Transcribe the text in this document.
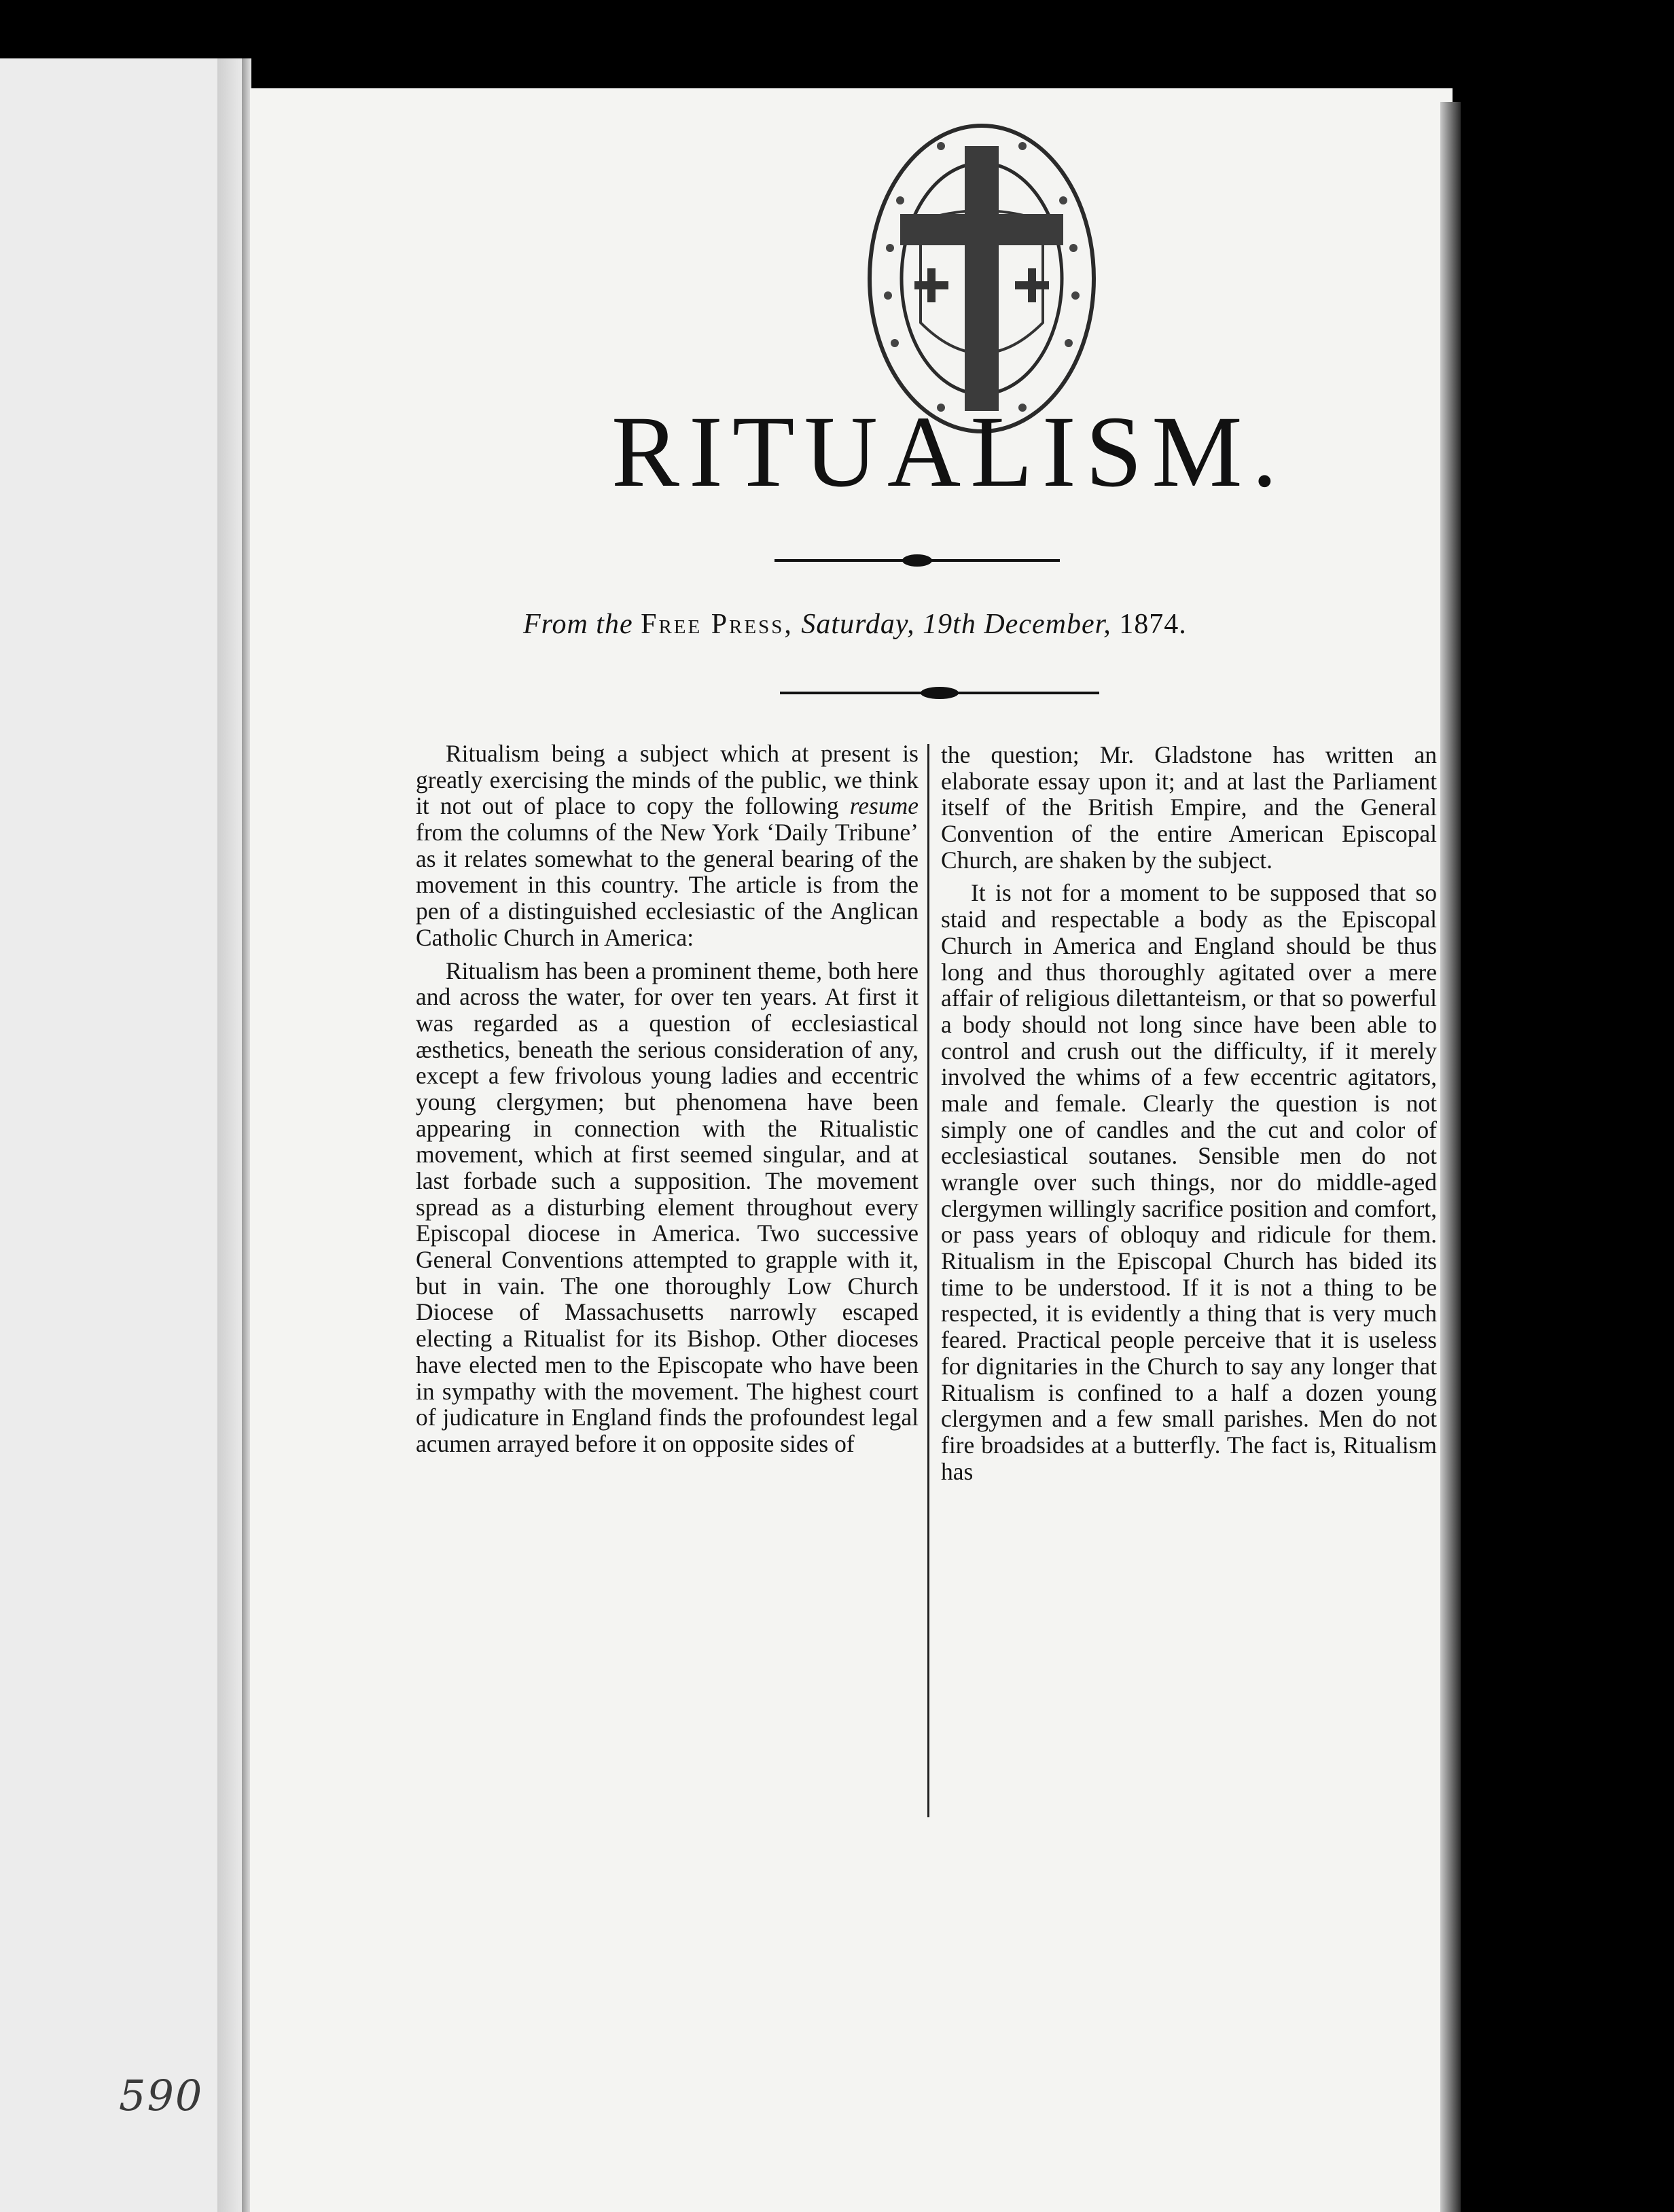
590
RITUALISM.
From the Free Press, Saturday, 19th December, 1874.

Ritualism being a subject which at present is greatly exercising the minds of the public, we think it not out of place to copy the following resume from the columns of the New York ‘Daily Tribune’ as it relates somewhat to the general bearing of the movement in this country. The article is from the pen of a distinguished ecclesiastic of the Anglican Catholic Church in America:

Ritualism has been a prominent theme, both here and across the water, for over ten years. At first it was regarded as a question of ecclesiastical æsthetics, beneath the serious consideration of any, except a few frivolous young ladies and eccentric young clergymen; but phenomena have been appearing in connection with the Ritualistic movement, which at first seemed singular, and at last forbade such a supposition. The movement spread as a disturbing element throughout every Episcopal diocese in America. Two successive General Conventions attempted to grapple with it, but in vain. The one thoroughly Low Church Diocese of Massachusetts narrowly escaped electing a Ritualist for its Bishop. Other dioceses have elected men to the Episcopate who have been in sympathy with the movement. The highest court of judicature in England finds the profoundest legal acumen arrayed before it on opposite sides of

the question; Mr. Gladstone has written an elaborate essay upon it; and at last the Parliament itself of the British Empire, and the General Convention of the entire American Episcopal Church, are shaken by the subject.

It is not for a moment to be supposed that so staid and respectable a body as the Episcopal Church in America and England should be thus long and thus thoroughly agitated over a mere affair of religious dilettanteism, or that so powerful a body should not long since have been able to control and crush out the difficulty, if it merely involved the whims of a few eccentric agitators, male and female. Clearly the question is not simply one of candles and the cut and color of ecclesiastical soutanes. Sensible men do not wrangle over such things, nor do middle-aged clergymen willingly sacrifice position and comfort, or pass years of obloquy and ridicule for them. Ritualism in the Episcopal Church has bided its time to be understood. If it is not a thing to be respected, it is evidently a thing that is very much feared. Practical people perceive that it is useless for dignitaries in the Church to say any longer that Ritualism is confined to a half a dozen young clergymen and a few small parishes. Men do not fire broadsides at a butterfly. The fact is, Ritualism has
